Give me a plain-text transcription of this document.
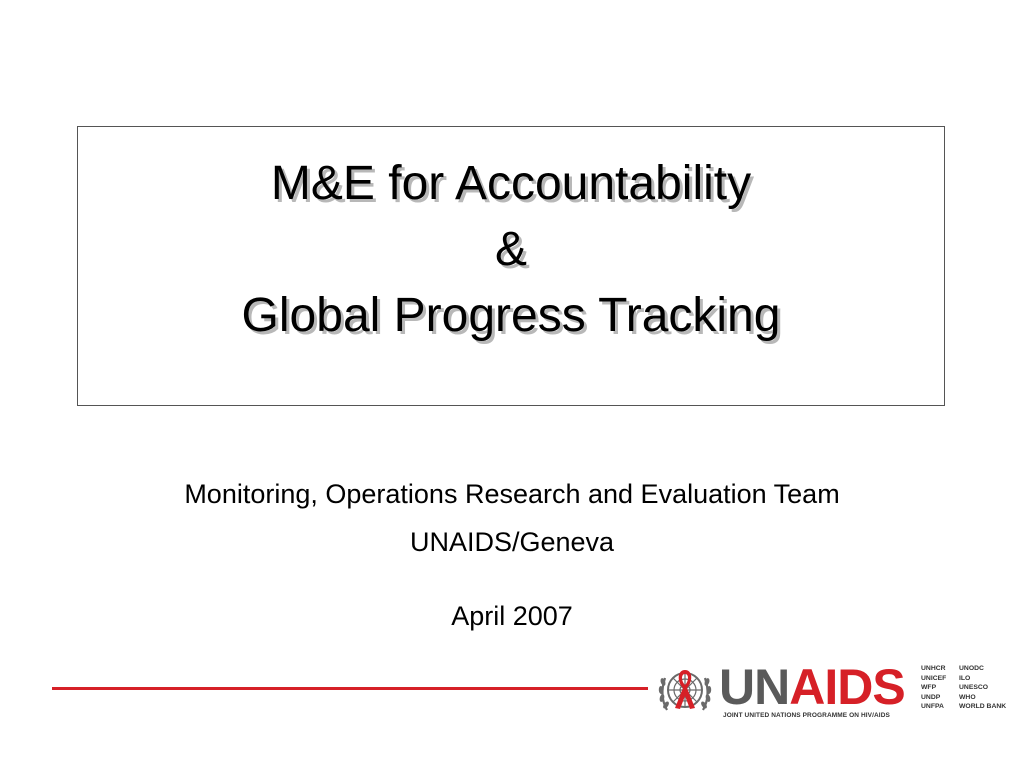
M&E for Accountability
&
Global Progress Tracking
Monitoring, Operations Research and Evaluation Team
UNAIDS/Geneva
April 2007
UNAIDS
JOINT UNITED NATIONS PROGRAMME ON HIV/AIDS
UNHCR
UNICEF
WFP
UNDP
UNFPA
UNODC
ILO
UNESCO
WHO
WORLD BANK
